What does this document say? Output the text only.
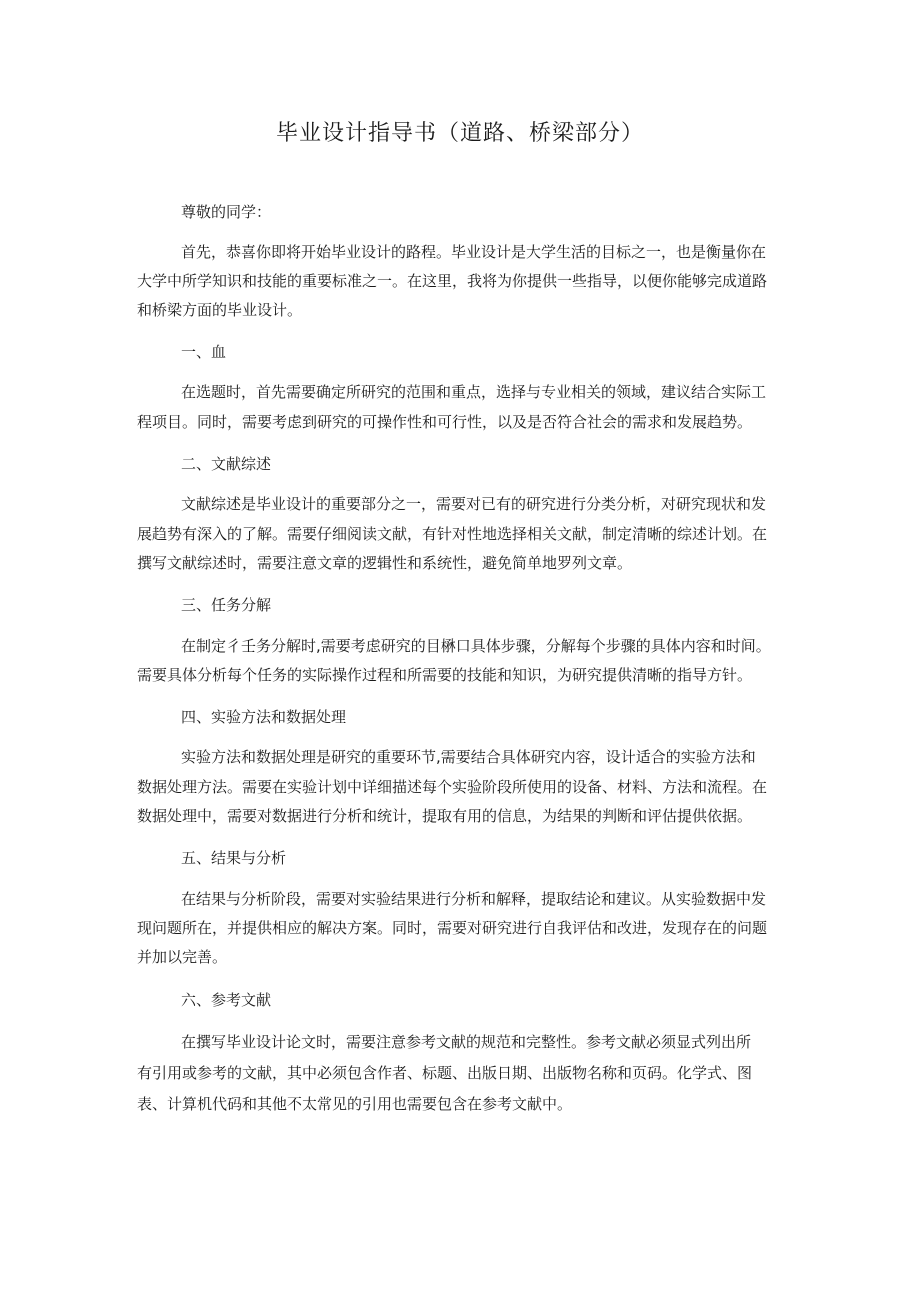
毕业设计指导书（道路、桥梁部分）

尊敬的同学：

首先，恭喜你即将开始毕业设计的路程。毕业设计是大学生活的目标之一，也是衡量你在

大学中所学知识和技能的重要标准之一。在这里，我将为你提供一些指导，以便你能够完成道路

和桥梁方面的毕业设计。

一、血

在选题时，首先需要确定所研究的范围和重点，选择与专业相关的领域，建议结合实际工

程项目。同时，需要考虑到研究的可操作性和可行性，以及是否符合社会的需求和发展趋势。

二、文献综述

文献综述是毕业设计的重要部分之一，需要对已有的研究进行分类分析，对研究现状和发

展趋势有深入的了解。需要仔细阅读文献，有针对性地选择相关文献，制定清晰的综述计划。在

撰写文献综述时，需要注意文章的逻辑性和系统性，避免简单地罗列文章。

三、任务分解

在制定彳壬务分解时,需要考虑研究的目楙口具体步骤，分解每个步骤的具体内容和时间。

需要具体分析每个任务的实际操作过程和所需要的技能和知识，为研究提供清晰的指导方针。

四、实验方法和数据处理

实验方法和数据处理是研究的重要环节,需要结合具体研究内容，设计适合的实验方法和

数据处理方法。需要在实验计划中详细描述每个实验阶段所使用的设备、材料、方法和流程。在

数据处理中，需要对数据进行分析和统计，提取有用的信息，为结果的判断和评估提供依据。

五、结果与分析

在结果与分析阶段，需要对实验结果进行分析和解释，提取结论和建议。从实验数据中发

现问题所在，并提供相应的解决方案。同时，需要对研究进行自我评估和改进，发现存在的问题

并加以完善。

六、参考文献

在撰写毕业设计论文时，需要注意参考文献的规范和完整性。参考文献必须显式列出所

有引用或参考的文献，其中必须包含作者、标题、出版日期、出版物名称和页码。化学式、图

表、计算机代码和其他不太常见的引用也需要包含在参考文献中。
